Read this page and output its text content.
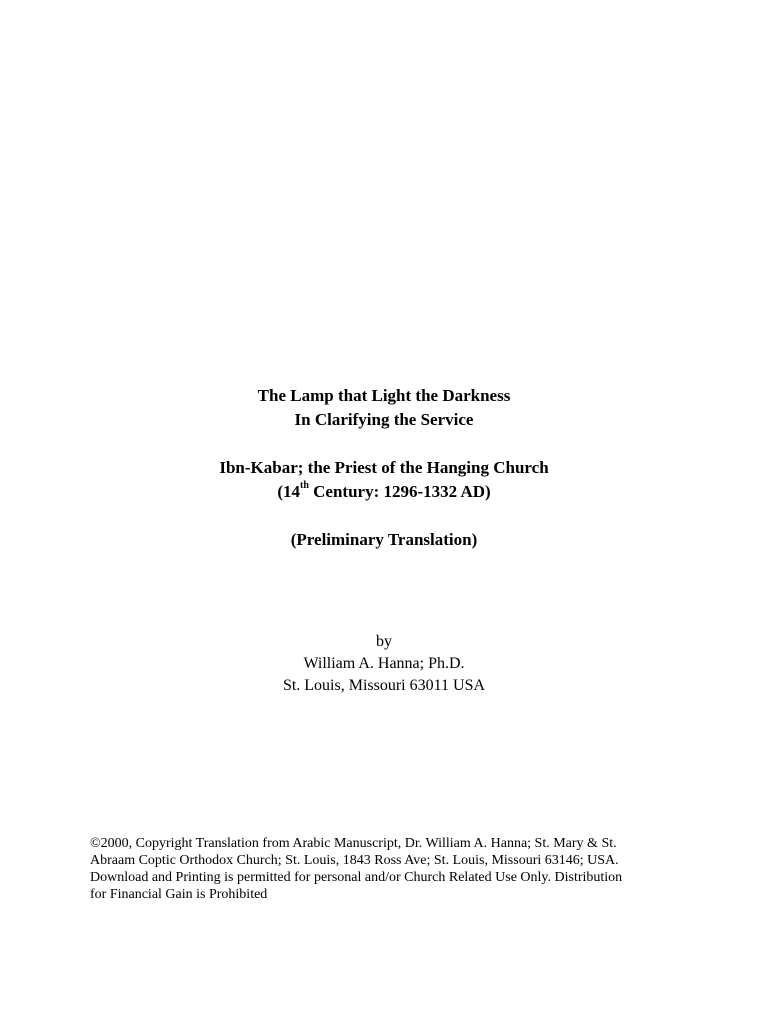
The Lamp that Light the Darkness
In Clarifying the Service
Ibn-Kabar; the Priest of the Hanging Church
(14th Century: 1296-1332 AD)
(Preliminary Translation)
by
William A. Hanna; Ph.D.
St. Louis, Missouri 63011 USA
©2000, Copyright Translation from Arabic Manuscript, Dr. William A. Hanna; St. Mary & St.
Abraam Coptic Orthodox Church; St. Louis, 1843 Ross Ave; St. Louis, Missouri 63146; USA.
Download and Printing is permitted for personal and/or Church Related Use Only. Distribution
for Financial Gain is Prohibited
